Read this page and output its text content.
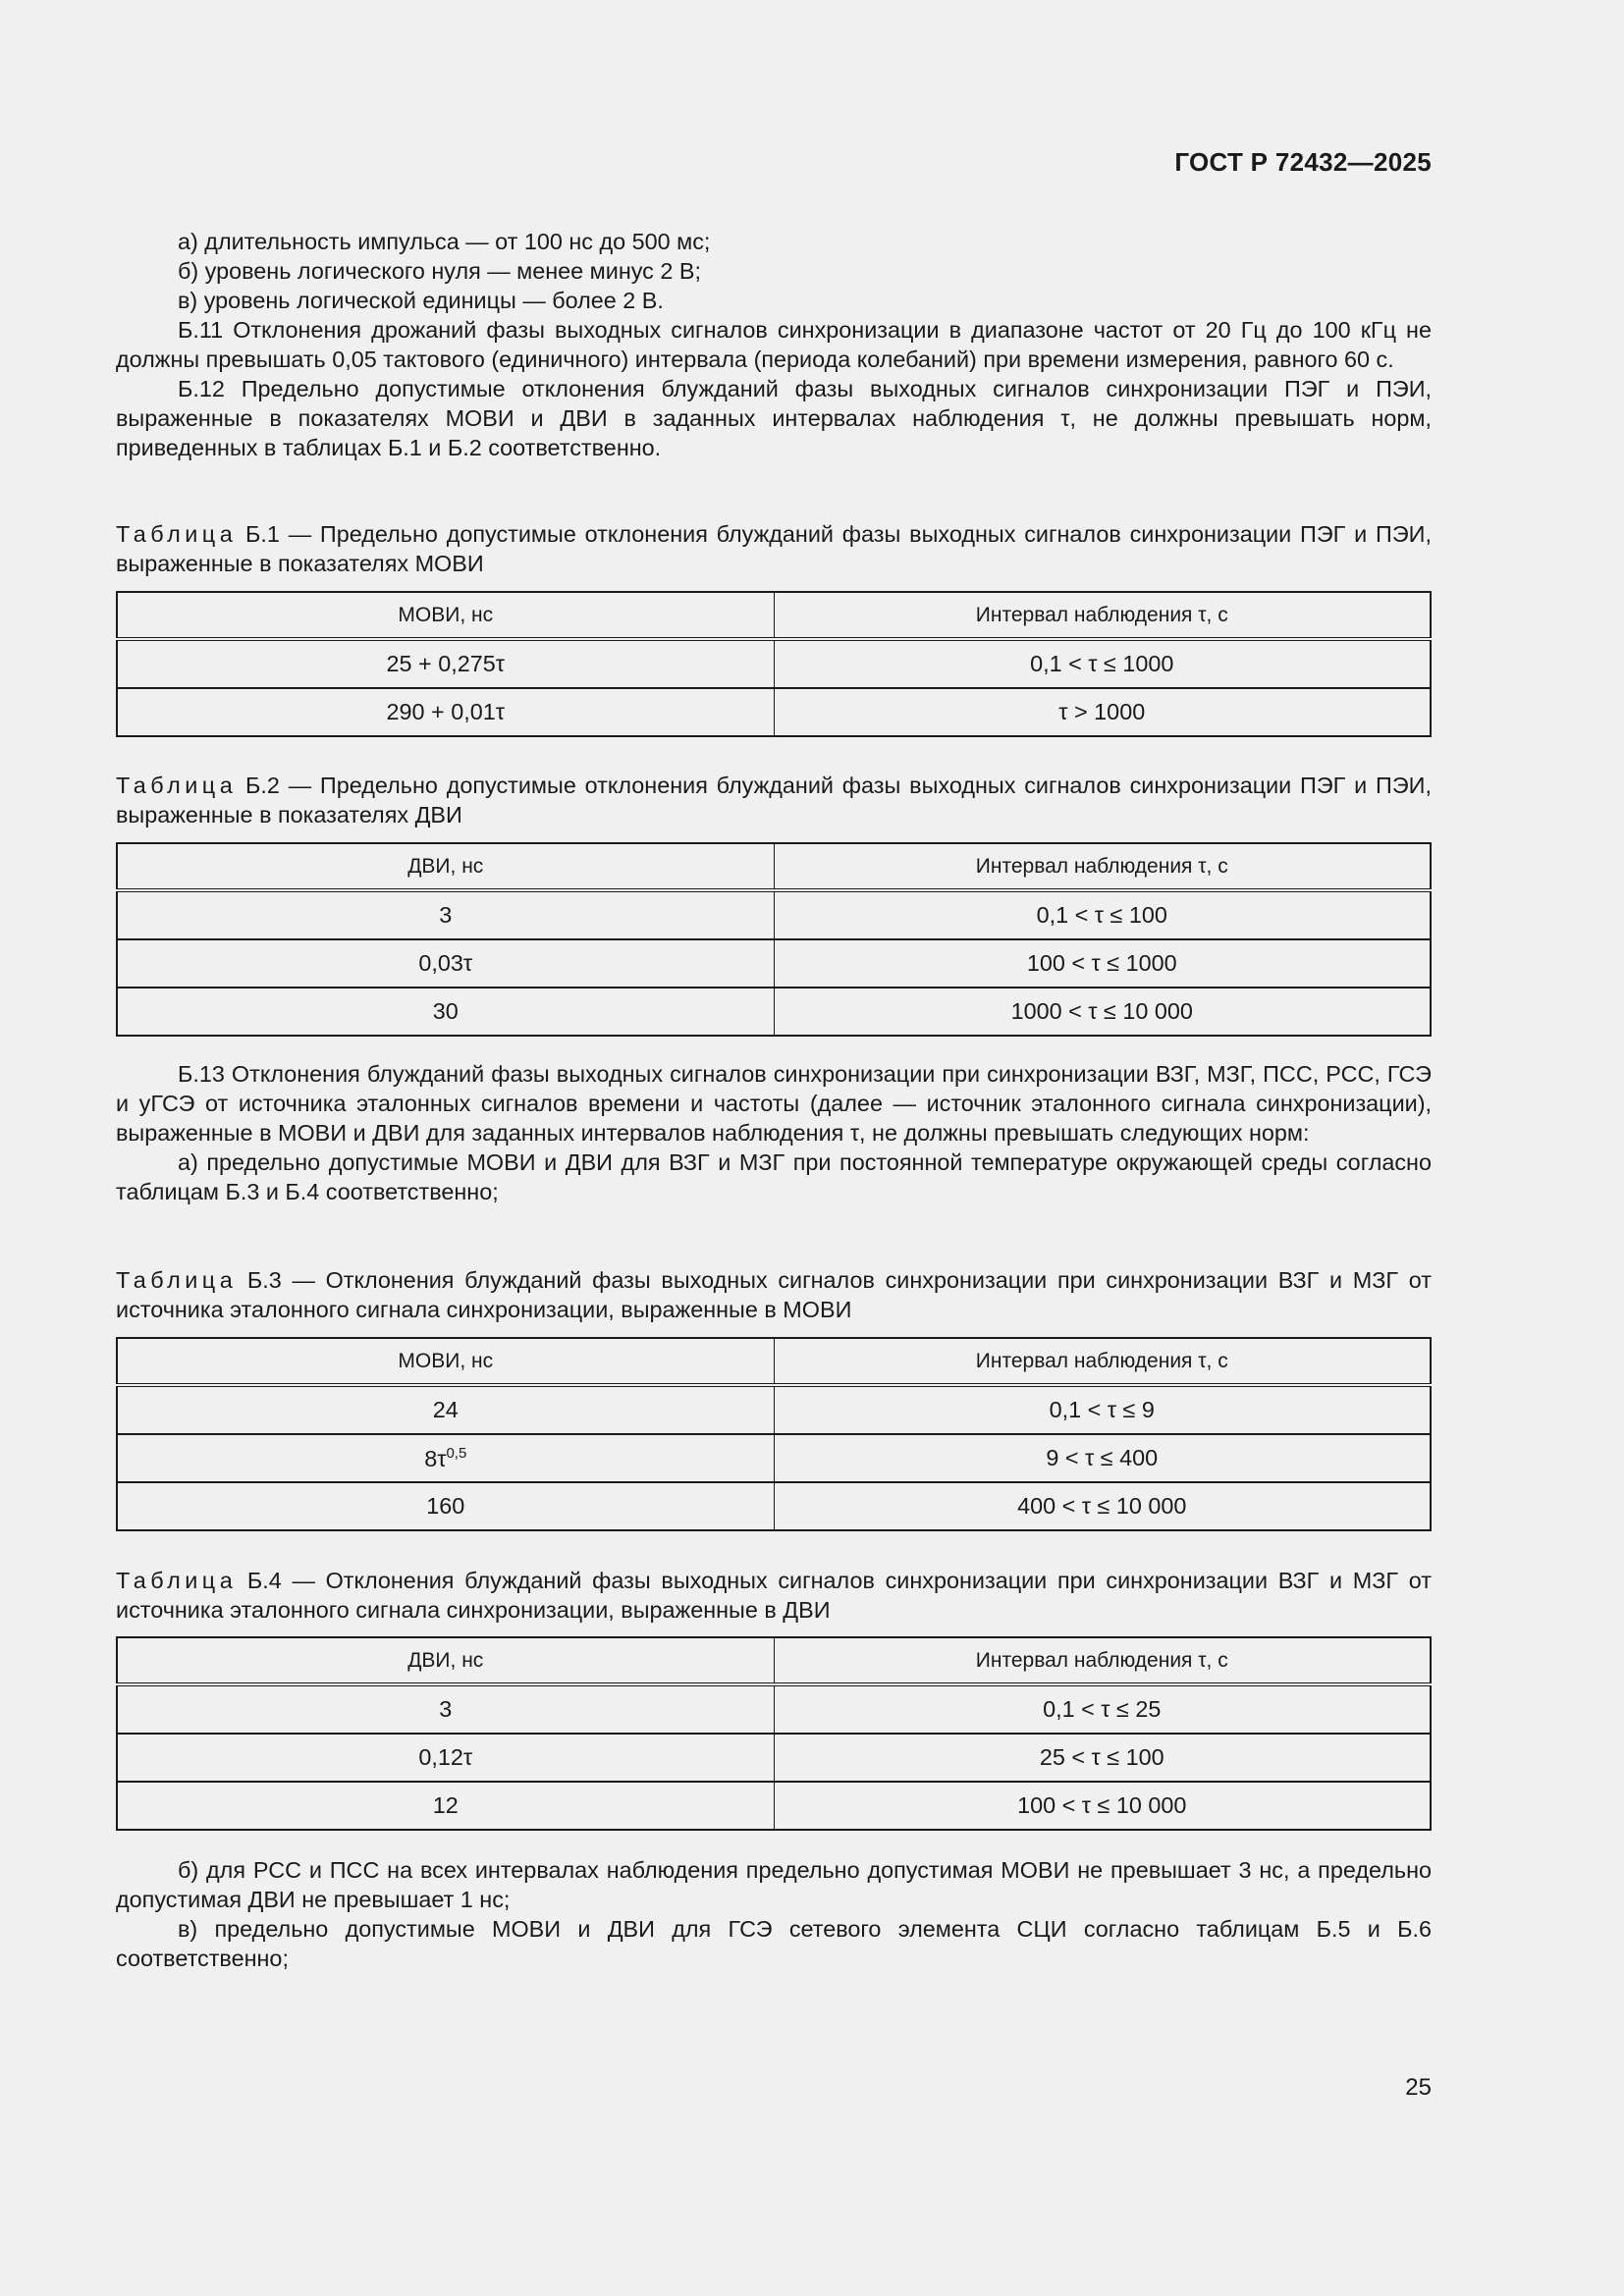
ГОСТ Р 72432—2025

а) длительность импульса — от 100 нс до 500 мс;

б) уровень логического нуля — менее минус 2 В;

в) уровень логической единицы — более 2 В.

Б.11 Отклонения дрожаний фазы выходных сигналов синхронизации в диапазоне частот от 20 Гц до 100 кГц не должны превышать 0,05 тактового (единичного) интервала (периода колебаний) при времени измерения, равного 60 с.

Б.12 Предельно допустимые отклонения блужданий фазы выходных сигналов синхронизации ПЭГ и ПЭИ, выраженные в показателях МОВИ и ДВИ в заданных интервалах наблюдения τ, не должны превышать норм, приведенных в таблицах Б.1 и Б.2 соответственно.

Таблица Б.1 — Предельно допустимые отклонения блужданий фазы выходных сигналов синхронизации ПЭГ и ПЭИ, выраженные в показателях МОВИ
МОВИ, нс	Интервал наблюдения τ, с
25 + 0,275τ	0,1 < τ ≤ 1000
290 + 0,01τ	τ > 1000
Таблица Б.2 — Предельно допустимые отклонения блужданий фазы выходных сигналов синхронизации ПЭГ и ПЭИ, выраженные в показателях ДВИ
ДВИ, нс	Интервал наблюдения τ, с
3	0,1 < τ ≤ 100
0,03τ	100 < τ ≤ 1000
30	1000 < τ ≤ 10 000

Б.13 Отклонения блужданий фазы выходных сигналов синхронизации при синхронизации ВЗГ, МЗГ, ПСС, РСС, ГСЭ и уГСЭ от источника эталонных сигналов времени и частоты (далее — источник эталонного сигнала синхронизации), выраженные в МОВИ и ДВИ для заданных интервалов наблюдения τ, не должны превышать следующих норм:

а) предельно допустимые МОВИ и ДВИ для ВЗГ и МЗГ при постоянной температуре окружающей среды согласно таблицам Б.3 и Б.4 соответственно;

Таблица Б.3 — Отклонения блужданий фазы выходных сигналов синхронизации при синхронизации ВЗГ и МЗГ от источника эталонного сигнала синхронизации, выраженные в МОВИ
МОВИ, нс	Интервал наблюдения τ, с
24	0,1 < τ ≤ 9
$8\tau^{0,5}$	9 < τ ≤ 400
160	400 < τ ≤ 10 000
Таблица Б.4 — Отклонения блужданий фазы выходных сигналов синхронизации при синхронизации ВЗГ и МЗГ от источника эталонного сигнала синхронизации, выраженные в ДВИ
ДВИ, нс	Интервал наблюдения τ, с
3	0,1 < τ ≤ 25
0,12τ	25 < τ ≤ 100
12	100 < τ ≤ 10 000

б) для РСС и ПСС на всех интервалах наблюдения предельно допустимая МОВИ не превышает 3 нс, а предельно допустимая ДВИ не превышает 1 нс;

в) предельно допустимые МОВИ и ДВИ для ГСЭ сетевого элемента СЦИ согласно таблицам Б.5 и Б.6 соответственно;

25
